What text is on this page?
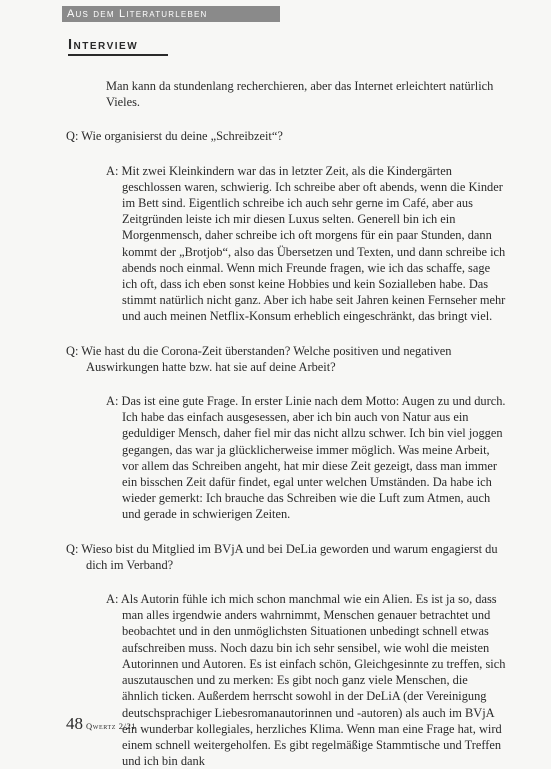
Aus dem Literaturleben
Interview

Man kann da stundenlang recherchieren, aber das Internet erleichtert natürlich Vieles.

Q: Wie organisierst du deine „Schreibzeit“?

A: Mit zwei Kleinkindern war das in letzter Zeit, als die Kindergärten geschlossen waren, schwierig. Ich schreibe aber oft abends, wenn die Kinder im Bett sind. Eigentlich schreibe ich auch sehr gerne im Café, aber aus Zeitgründen leiste ich mir diesen Luxus selten. Generell bin ich ein Morgenmensch, daher schreibe ich oft morgens für ein paar Stunden, dann kommt der „Brotjob“, also das Übersetzen und Texten, und dann schreibe ich abends noch einmal. Wenn mich Freunde fragen, wie ich das schaffe, sage ich oft, dass ich eben sonst keine Hobbies und kein Sozialleben habe. Das stimmt natürlich nicht ganz. Aber ich habe seit Jahren keinen Fernseher mehr und auch meinen Netflix-Konsum erheblich eingeschränkt, das bringt viel.

Q: Wie hast du die Corona-Zeit überstanden? Welche positiven und negativen Auswirkungen hatte bzw. hat sie auf deine Arbeit?

A: Das ist eine gute Frage. In erster Linie nach dem Motto: Augen zu und durch. Ich habe das einfach ausgesessen, aber ich bin auch von Natur aus ein geduldiger Mensch, daher fiel mir das nicht allzu schwer. Ich bin viel joggen gegangen, das war ja glücklicherweise immer möglich. Was meine Arbeit, vor allem das Schreiben angeht, hat mir diese Zeit gezeigt, dass man immer ein bisschen Zeit dafür findet, egal unter welchen Umständen. Da habe ich wieder gemerkt: Ich brauche das Schreiben wie die Luft zum Atmen, auch und gerade in schwierigen Zeiten.

Q: Wieso bist du Mitglied im BVjA und bei DeLia geworden und warum engagierst du dich im Verband?

A: Als Autorin fühle ich mich schon manchmal wie ein Alien. Es ist ja so, dass man alles irgendwie anders wahrnimmt, Menschen genauer betrachtet und beobachtet und in den unmöglichsten Situationen unbedingt schnell etwas aufschreiben muss. Noch dazu bin ich sehr sensibel, wie wohl die meisten Autorinnen und Autoren. Es ist einfach schön, Gleichgesinnte zu treffen, sich auszutauschen und zu merken: Es gibt noch ganz viele Menschen, die ähnlich ticken. Außerdem herrscht sowohl in der DeLiA (der Vereinigung deutschsprachiger Liebesromanautorinnen und -autoren) als auch im BVjA ein wunderbar kollegiales, herzliches Klima. Wenn man eine Frage hat, wird einem schnell weitergeholfen. Es gibt regelmäßige Stammtische und Treffen und ich bin dank

48 Qwertz 2/21
